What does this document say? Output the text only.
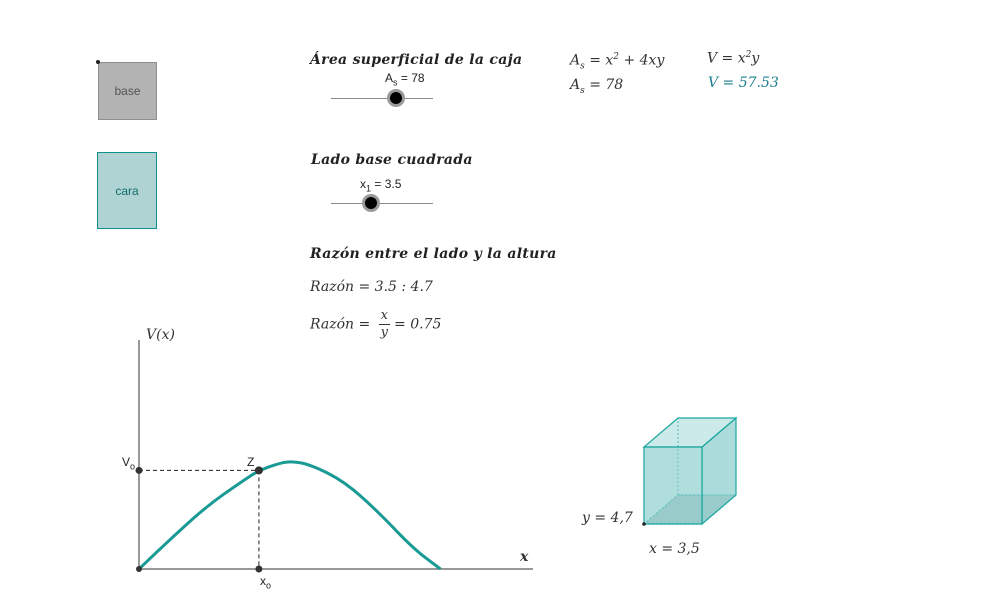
base
cara
Área superficial de la caja
$A_s = 78$
Lado base cuadrada
$x_1 = 3.5$
Razón entre el lado y la altura
Razón = 3.5 : 4.7
Razón = $\frac{x}{y} = 0.75$
$A_s = x^2 + 4xy$
$A_s = 78$
$V = x^2y$
V = 57.53
V(x)
x
Z
$V_o$
$x_o$
y = 4,7
x = 3,5
